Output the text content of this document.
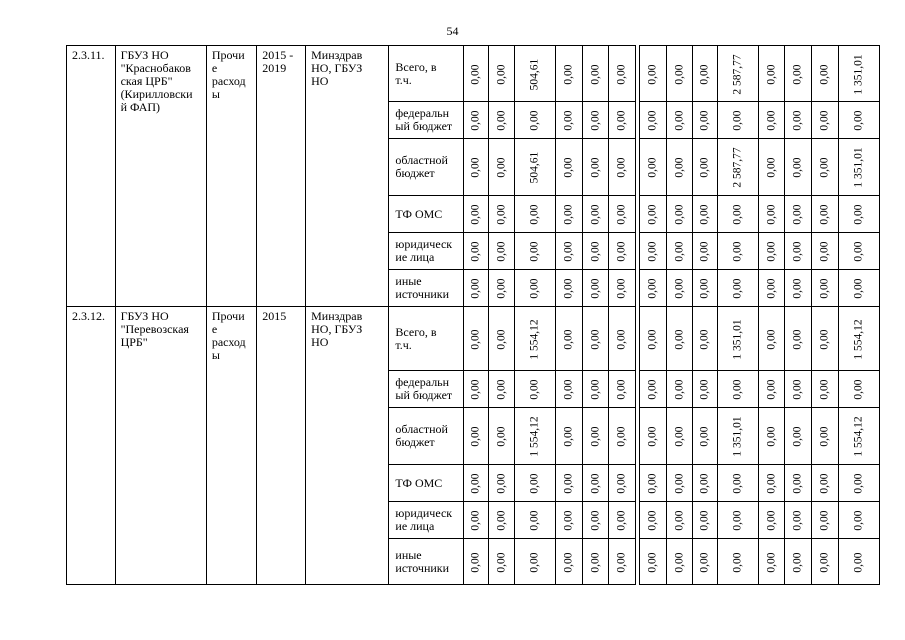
54
2.3.11.	ГБУЗ НО
"Краснобаков
ская ЦРБ"
(Кирилловски
й ФАП)	Прочи
е
расход
ы	2015 -
2019	Минздрав
НО, ГБУЗ
НО	Всего, в
т.ч.	0,00	0,00	504,61	0,00	0,00	0,00		0,00	0,00	0,00	2 587,77	0,00	0,00	0,00	1 351,01
					федеральн
ый бюджет	0,00	0,00	0,00	0,00	0,00	0,00		0,00	0,00	0,00	0,00	0,00	0,00	0,00	0,00
					областной
бюджет	0,00	0,00	504,61	0,00	0,00	0,00		0,00	0,00	0,00	2 587,77	0,00	0,00	0,00	1 351,01
					ТФ ОМС	0,00	0,00	0,00	0,00	0,00	0,00		0,00	0,00	0,00	0,00	0,00	0,00	0,00	0,00
					юридическ
ие лица	0,00	0,00	0,00	0,00	0,00	0,00		0,00	0,00	0,00	0,00	0,00	0,00	0,00	0,00
					иные
источники	0,00	0,00	0,00	0,00	0,00	0,00		0,00	0,00	0,00	0,00	0,00	0,00	0,00	0,00
2.3.12.	ГБУЗ НО
"Перевозская
ЦРБ"	Прочи
е
расход
ы	2015	Минздрав
НО, ГБУЗ
НО	Всего, в
т.ч.	0,00	0,00	1 554,12	0,00	0,00	0,00		0,00	0,00	0,00	1 351,01	0,00	0,00	0,00	1 554,12
					федеральн
ый бюджет	0,00	0,00	0,00	0,00	0,00	0,00		0,00	0,00	0,00	0,00	0,00	0,00	0,00	0,00
					областной
бюджет	0,00	0,00	1 554,12	0,00	0,00	0,00		0,00	0,00	0,00	1 351,01	0,00	0,00	0,00	1 554,12
					ТФ ОМС	0,00	0,00	0,00	0,00	0,00	0,00		0,00	0,00	0,00	0,00	0,00	0,00	0,00	0,00
					юридическ
ие лица	0,00	0,00	0,00	0,00	0,00	0,00		0,00	0,00	0,00	0,00	0,00	0,00	0,00	0,00
					иные
источники	0,00	0,00	0,00	0,00	0,00	0,00		0,00	0,00	0,00	0,00	0,00	0,00	0,00	0,00
